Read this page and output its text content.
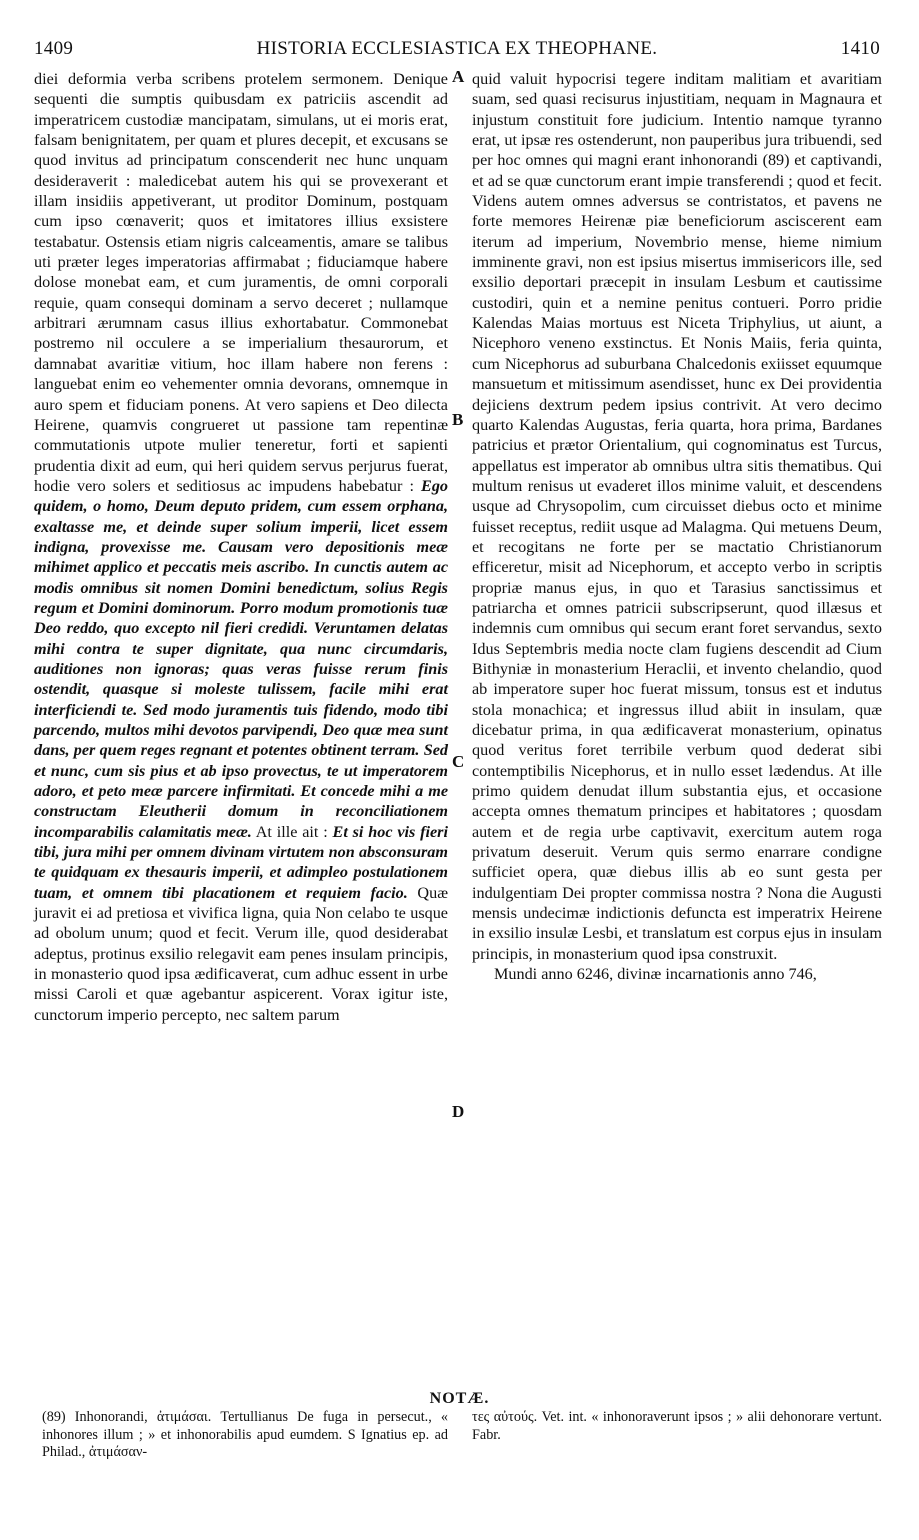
1409	HISTORIA ECCLESIASTICA EX THEOPHANE.	1410
A
B
C
D

diei deformia verba scribens protelem sermonem. Denique sequenti die sumptis quibusdam ex patriciis ascendit ad imperatricem custodiæ mancipatam, simulans, ut ei moris erat, falsam benignitatem, per quam et plures decepit, et excusans se quod invitus ad principatum conscenderit nec hunc unquam desideraverit : maledicebat autem his qui se provexerant et illam insidiis appetiverant, ut proditor Dominum, postquam cum ipso cœnaverit; quos et imitatores illius exsistere testabatur. Ostensis etiam nigris calceamentis, amare se talibus uti præter leges imperatorias affirmabat ; fiduciamque habere dolose monebat eam, et cum juramentis, de omni corporali requie, quam consequi dominam a servo deceret ; nullamque arbitrari ærumnam casus illius exhortabatur. Commonebat postremo nil occulere a se imperialium thesaurorum, et damnabat avaritiæ vitium, hoc illam habere non ferens : languebat enim eo vehementer omnia devorans, omnemque in auro spem et fiduciam ponens. At vero sapiens et Deo dilecta Heirene, quamvis congrueret ut passione tam repentinæ commutationis utpote mulier teneretur, forti et sapienti prudentia dixit ad eum, qui heri quidem servus perjurus fuerat, hodie vero solers et seditiosus ac impudens habebatur : Ego quidem, o homo, Deum deputo pridem, cum essem orphana, exaltasse me, et deinde super solium imperii, licet essem indigna, provexisse me. Causam vero depositionis meæ mihimet applico et peccatis meis ascribo. In cunctis autem ac modis omnibus sit nomen Domini benedictum, solius Regis regum et Domini dominorum. Porro modum promotionis tuæ Deo reddo, quo excepto nil fieri credidi. Veruntamen delatas mihi contra te super dignitate, qua nunc circumdaris, auditiones non ignoras; quas veras fuisse rerum finis ostendit, quasque si moleste tulissem, facile mihi erat interficiendi te. Sed modo juramentis tuis fidendo, modo tibi parcendo, multos mihi devotos parvipendi, Deo quæ mea sunt dans, per quem reges regnant et potentes obtinent terram. Sed et nunc, cum sis pius et ab ipso provectus, te ut imperatorem adoro, et peto meæ parcere infirmitati. Et concede mihi a me constructam Eleutherii domum in reconciliationem incomparabilis calamitatis meæ. At ille ait : Et si hoc vis fieri tibi, jura mihi per omnem divinam virtutem non absconsuram te quidquam ex thesauris imperii, et adimpleo postulationem tuam, et omnem tibi placationem et requiem facio. Quæ juravit ei ad pretiosa et vivifica ligna, quia Non celabo te usque ad obolum unum; quod et fecit. Verum ille, quod desiderabat adeptus, protinus exsilio relegavit eam penes insulam principis, in monasterio quod ipsa ædificaverat, cum adhuc essent in urbe missi Caroli et quæ agebantur aspicerent. Vorax igitur iste, cunctorum imperio percepto, nec saltem parum

quid valuit hypocrisi tegere inditam malitiam et avaritiam suam, sed quasi recisurus injustitiam, nequam in Magnaura et injustum constituit fore judicium. Intentio namque tyranno erat, ut ipsæ res ostenderunt, non pauperibus jura tribuendi, sed per hoc omnes qui magni erant inhonorandi (89) et captivandi, et ad se quæ cunctorum erant impie transferendi ; quod et fecit. Videns autem omnes adversus se contristatos, et pavens ne forte memores Heirenæ piæ beneficiorum asciscerent eam iterum ad imperium, Novembrio mense, hieme nimium imminente gravi, non est ipsius misertus immisericors ille, sed exsilio deportari præcepit in insulam Lesbum et cautissime custodiri, quin et a nemine penitus contueri. Porro pridie Kalendas Maias mortuus est Niceta Triphylius, ut aiunt, a Nicephoro veneno exstinctus. Et Nonis Maiis, feria quinta, cum Nicephorus ad suburbana Chalcedonis exiisset equumque mansuetum et mitissimum asendisset, hunc ex Dei providentia dejiciens dextrum pedem ipsius contrivit. At vero decimo quarto Kalendas Augustas, feria quarta, hora prima, Bardanes patricius et prætor Orientalium, qui cognominatus est Turcus, appellatus est imperator ab omnibus ultra sitis thematibus. Qui multum renisus ut evaderet illos minime valuit, et descendens usque ad Chrysopolim, cum circuisset diebus octo et minime fuisset receptus, rediit usque ad Malagma. Qui metuens Deum, et recogitans ne forte per se mactatio Christianorum efficeretur, misit ad Nicephorum, et accepto verbo in scriptis propriæ manus ejus, in quo et Tarasius sanctissimus et patriarcha et omnes patricii subscripserunt, quod illæsus et indemnis cum omnibus qui secum erant foret servandus, sexto Idus Septembris media nocte clam fugiens descendit ad Cium Bithyniæ in monasterium Heraclii, et invento chelandio, quod ab imperatore super hoc fuerat missum, tonsus est et indutus stola monachica; et ingressus illud abiit in insulam, quæ dicebatur prima, in qua ædificaverat monasterium, opinatus quod veritus foret terribile verbum quod dederat sibi contemptibilis Nicephorus, et in nullo esset lædendus. At ille primo quidem denudat illum substantia ejus, et occasione accepta omnes thematum principes et habitatores ; quosdam autem et de regia urbe captivavit, exercitum autem roga privatum deseruit. Verum quis sermo enarrare condigne sufficiet opera, quæ diebus illis ab eo sunt gesta per indulgentiam Dei propter commissa nostra ? Nona die Augusti mensis undecimæ indictionis defuncta est imperatrix Heirene in exsilio insulæ Lesbi, et translatum est corpus ejus in insulam principis, in monasterium quod ipsa construxit.

Mundi anno 6246, divinæ incarnationis anno 746,

NOTÆ.
(89) Inhonorandi, ἀτιμάσαι. Tertullianus De fuga in persecut., « inhonores illum ; » et inhonorabilis apud eumdem. S Ignatius ep. ad Philad., ἀτιμάσαν-
τες αὐτούς. Vet. int. « inhonoraverunt ipsos ; » alii dehonorare vertunt. Fabr.
